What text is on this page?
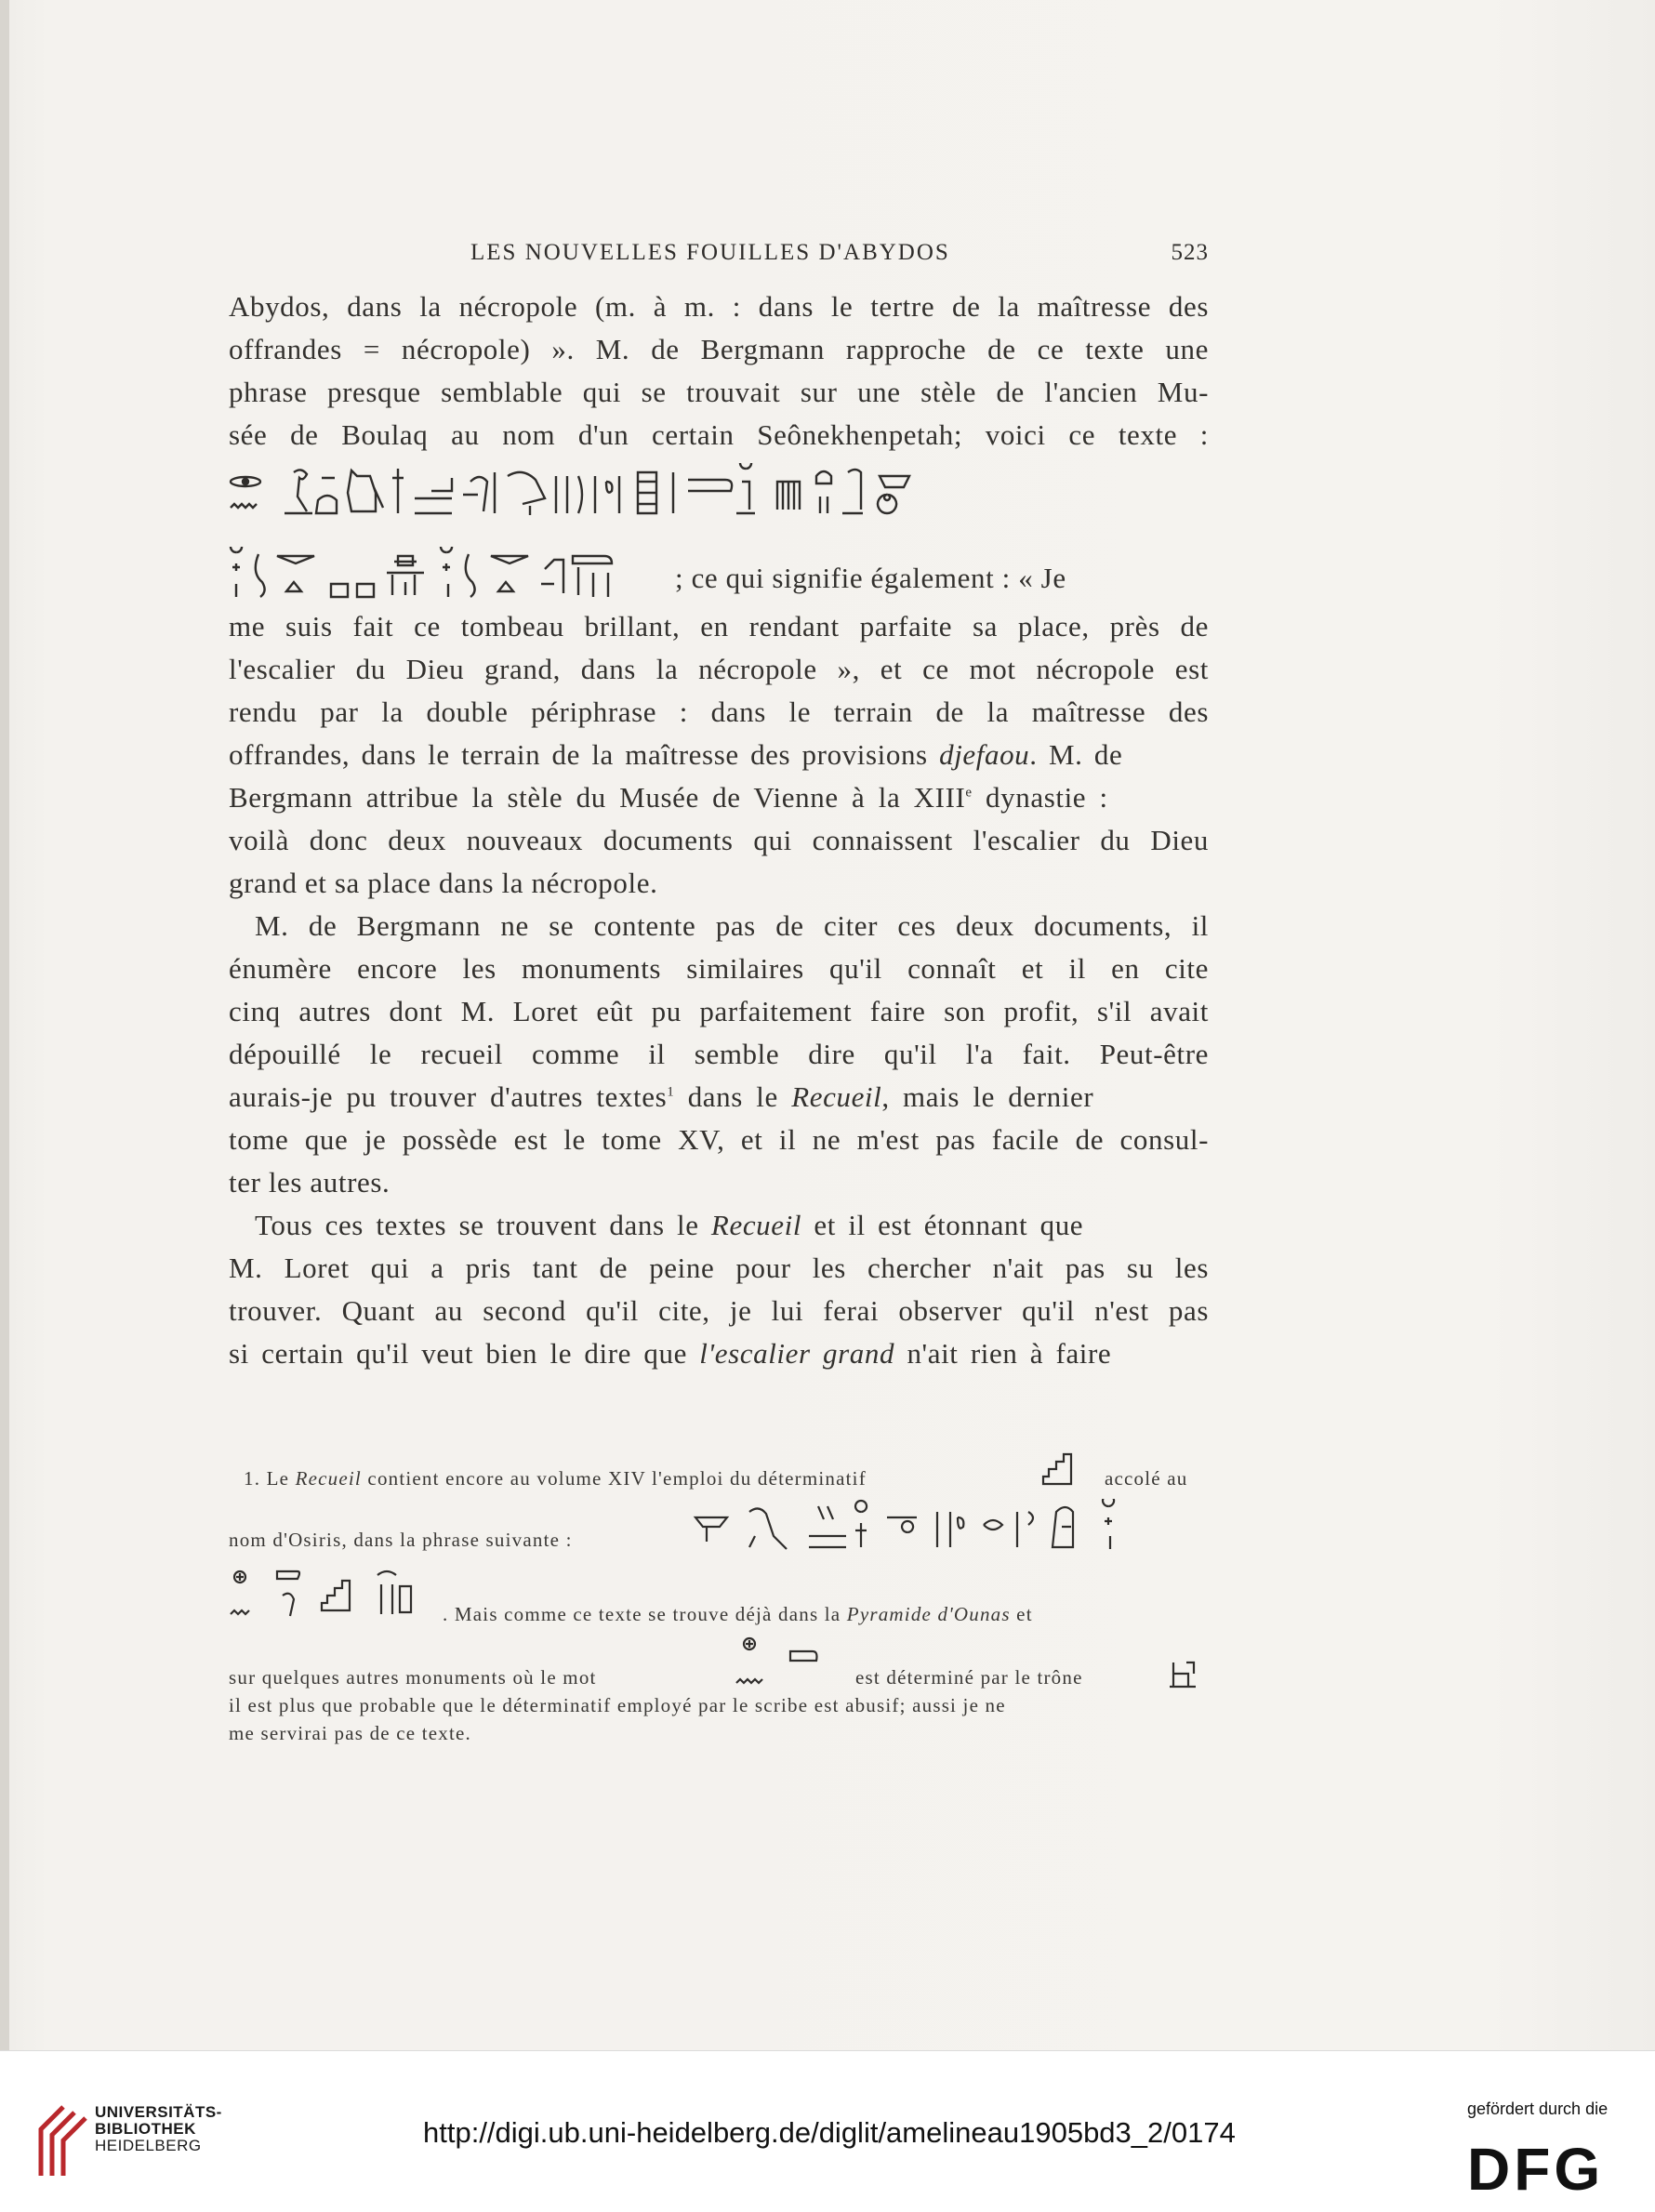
LES NOUVELLES FOUILLES D'ABYDOS	523
Abydos, dans la nécropole (m. à m. : dans le tertre de la maîtresse des
offrandes = nécropole) ». M. de Bergmann rapproche de ce texte une
phrase presque semblable qui se trouvait sur une stèle de l'ancien Mu-
sée de Boulaq au nom d'un certain Seônekhenpetah; voici ce texte :
; ce qui signifie également : « Je
me suis fait ce tombeau brillant, en rendant parfaite sa place, près de
l'escalier du Dieu grand, dans la nécropole », et ce mot nécropole est
rendu par la double périphrase : dans le terrain de la maîtresse des
offrandes, dans le terrain de la maîtresse des provisions djefaou. M. de
Bergmann attribue la stèle du Musée de Vienne à la XIIIe dynastie :
voilà donc deux nouveaux documents qui connaissent l'escalier du Dieu
grand et sa place dans la nécropole.
M. de Bergmann ne se contente pas de citer ces deux documents, il
énumère encore les monuments similaires qu'il connaît et il en cite
cinq autres dont M. Loret eût pu parfaitement faire son profit, s'il avait
dépouillé le recueil comme il semble dire qu'il l'a fait. Peut-être
aurais-je pu trouver d'autres textes$^1$ dans le Recueil, mais le dernier
tome que je possède est le tome XV, et il ne m'est pas facile de consul-
ter les autres.
Tous ces textes se trouvent dans le Recueil et il est étonnant que
M. Loret qui a pris tant de peine pour les chercher n'ait pas su les
trouver. Quant au second qu'il cite, je lui ferai observer qu'il n'est pas
si certain qu'il veut bien le dire que l'escalier grand n'ait rien à faire
1. Le Recueil contient encore au volume XIV l'emploi du déterminatif	accolé au
nom d'Osiris, dans la phrase suivante :
. Mais comme ce texte se trouve déjà dans la Pyramide d'Ounas et
sur quelques autres monuments où le mot	est déterminé par le trône
il est plus que probable que le déterminatif employé par le scribe est abusif; aussi je ne
me servirai pas de ce texte.
UNIVERSITÄTS-
BIBLIOTHEK
HEIDELBERG	http://digi.ub.uni-heidelberg.de/diglit/amelineau1905bd3_2/0174
gefördert durch die
DFG
